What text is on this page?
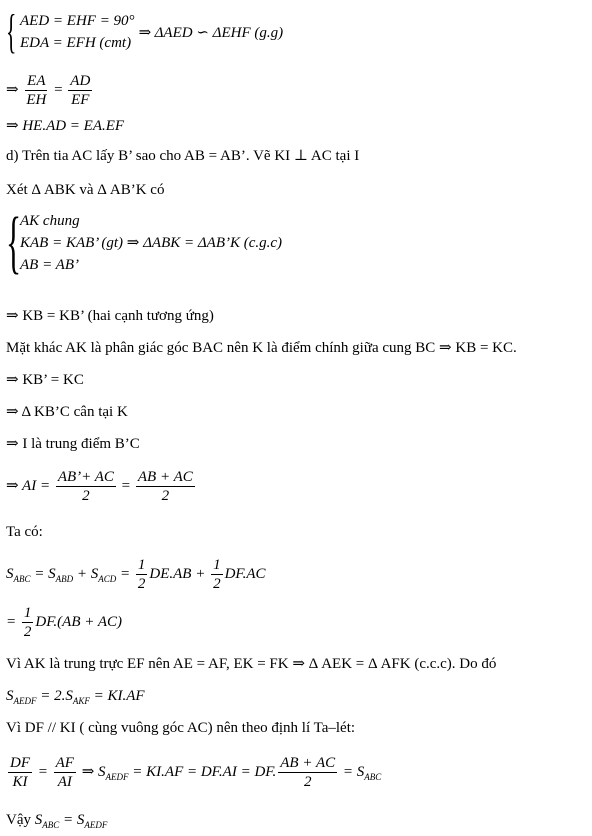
{ AED = EHF = 90°
EDA = EFH (cmt)
⇒ ΔAED ∽ ΔEHF (g.g)
⇒ $\frac{EA}{EH} = \frac{AD}{EF}$
⇒ HE.AD = EA.EF
d) Trên tia AC lấy B’ sao cho AB = AB’. Vẽ KI ⊥ AC tại I
Xét Δ ABK và Δ AB’K có
{
AK chung
KAB = KAB’ (gt) ⇒ ΔABK = ΔAB’K (c.g.c)
AB = AB’
⇒ KB = KB’ (hai cạnh tương ứng)
Mặt khác AK là phân giác góc BAC nên K là điểm chính giữa cung BC ⇒ KB = KC.
⇒ KB’ = KC
⇒ Δ KB’C cân tại K
⇒ I là trung điểm B’C
⇒ AI = $\frac{AB’+ AC}{2} = \frac{AB + AC}{2}$
Ta có:
$S_{ABC} = S_{ABD} + S_{ACD} = \frac{1}{2} DE.AB + \frac{1}{2} DF.AC$
= $\frac{1}{2} DF.(AB + AC)$
Vì AK là trung trực EF nên AE = AF, EK = FK ⇒ Δ AEK = Δ AFK (c.c.c). Do đó
$S_{AEDF} = 2.S_{AKF} = KI.AF$
Vì DF // KI ( cùng vuông góc AC) nên theo định lí Ta–lét:
$\frac{DF}{KI} = \frac{AF}{AI}$ ⇒ $S_{AEDF} = KI.AF = DF.AI$ = DF. $\frac{AB + AC}{2} = S_{ABC}$
Vậy $S_{ABC} = S_{AEDF}$
